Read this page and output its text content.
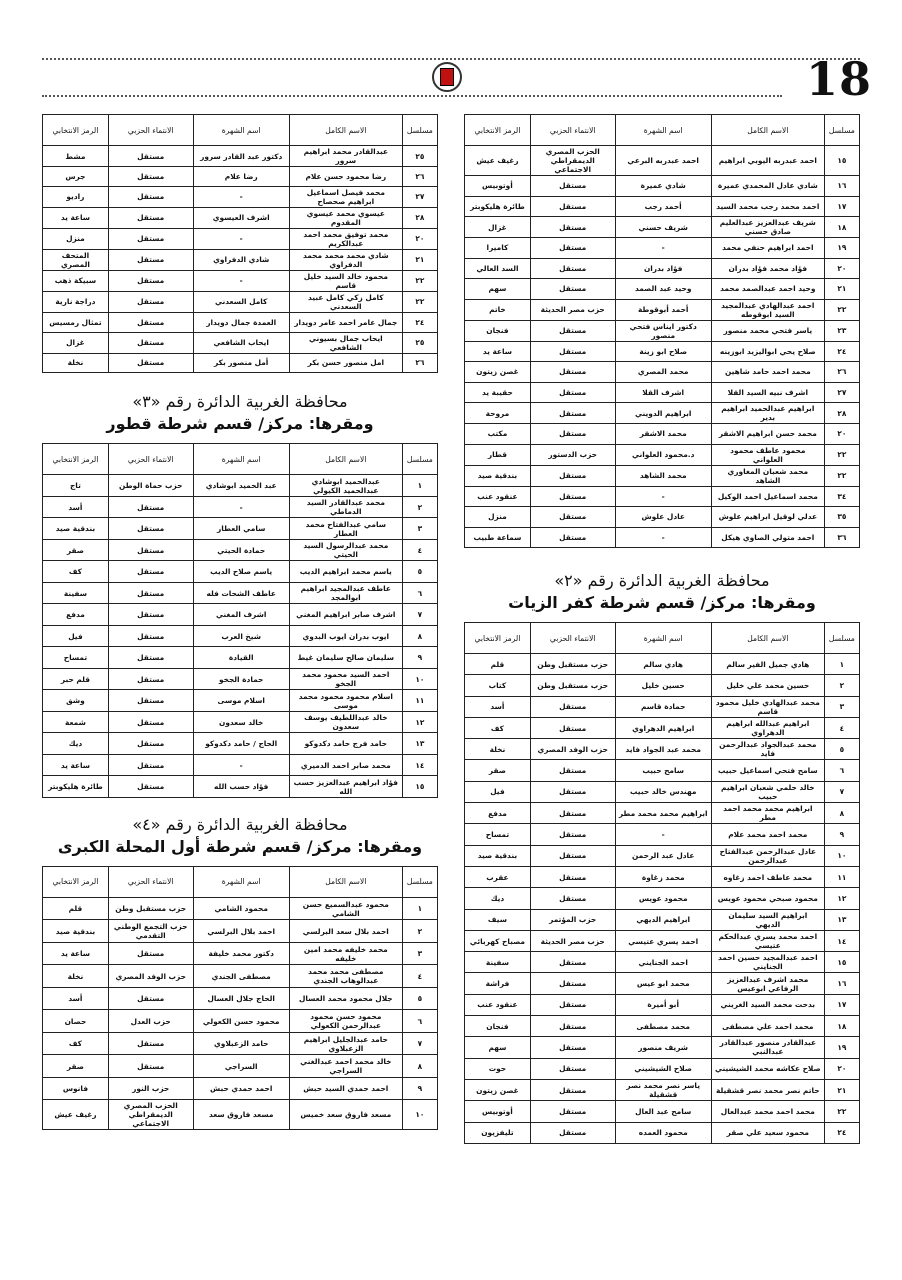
18
مسلسل	الاسم الكامل	اسم الشهرة	الانتماء الحزبي	الرمز الانتخابي
١٥	احمد عبدربه اليوبي ابراهيم	احمد عبدربه البرعي	الحزب المصري الديمقراطي الاجتماعي	رغيف عيش
١٦	شادي عادل المحمدي عميرة	شادي عميرة	مستقل	أوتوبيس
١٧	احمد محمد رجب محمد السيد	أحمد رجب	مستقل	طائرة هليكوبتر
١٨	شريف عبدالعزيز عبدالعليم صادق حسني	شريف حسني	مستقل	غزال
١٩	احمد ابراهيم حنفي محمد	-	مستقل	كاميرا
٢٠	فؤاد محمد فؤاد بدران	فؤاد بدران	مستقل	السد العالي
٢١	وحيد احمد عبدالصمد محمد	وحيد عبد الصمد	مستقل	سهم
٢٢	احمد عبدالهادي عبدالمجيد السيد ابوقوطه	أحمد أبوقوطة	حزب مصر الحديثة	خاتم
٢٣	ياسر فتحي محمد منصور	دكتور ايناس فتحي منصور	مستقل	فنجان
٢٤	صلاح يحي ابواليزيد ابوزينه	صلاح ابو زينة	مستقل	ساعة يد
٢٦	محمد احمد حامد شاهين	محمد المصري	مستقل	غصن زيتون
٢٧	اشرف نبيه السيد القلا	اشرف القلا	مستقل	حقيبة يد
٢٨	ابراهيم عبدالحميد ابراهيم بدير	ابراهيم الدويني	مستقل	مروحة
٢٠	محمد حسن ابراهيم الاشقر	محمد الاشقر	مستقل	مكتب
٢٢	محمود عاطف محمود العلواني	د.محمود العلواني	حزب الدستور	قطار
٢٢	محمد شعبان المغاوري الشاهد	محمد الشاهد	مستقل	بندقية صيد
٣٤	محمد اسماعيل احمد الوكيل	-	مستقل	عنقود عنب
٣٥	عدلي لوقيل ابراهيم علوش	عادل علوش	مستقل	منزل
٣٦	احمد متولي الصاوي هيكل	-	مستقل	سماعة طبيب
محافظة الغربية الدائرة رقم «٢»
ومقرها: مركز/ قسم شرطة كفر الزيات
مسلسل	الاسم الكامل	اسم الشهرة	الانتماء الحزبي	الرمز الانتخابي
١	هادي جميل الفير سالم	هادي سالم	حزب مستقبل وطن	قلم
٢	حسين محمد علي خليل	حسين خليل	حزب مستقبل وطن	كتاب
٣	محمد عبدالهادي خليل محمود قاسم	حمادة قاسم	مستقل	أسد
٤	ابراهيم عبدالله ابراهيم الدهراوي	ابراهيم الدهراوي	مستقل	كف
٥	محمد عبدالجواد عبدالرحمن فايد	محمد عبد الجواد فايد	حزب الوفد المصري	نخلة
٦	سامح فتحي اسماعيل حبيب	سامح حبيب	مستقل	صقر
٧	خالد حلمي شعبان ابراهيم حبيب	مهندس خالد حبيب	مستقل	فيل
٨	ابراهيم محمد محمد احمد مطر	ابراهيم محمد محمد مطر	مستقل	مدفع
٩	محمد احمد محمد علام	-	مستقل	تمساح
١٠	عادل عبدالرحمن عبدالفتاح عبدالرحمن	عادل عبد الرحمن	مستقل	بندقية صيد
١١	محمد عاطف احمد زغاوه	محمد زغاوة	مستقل	عقرب
١٢	محمود صبحي محمود عويس	محمود عويس	مستقل	ديك
١٣	ابراهيم السيد سليمان الديهي	ابراهيم الديهي	حزب المؤتمر	سيف
١٤	احمد محمد يسري عبدالحكم عتيسي	احمد يسري عتيسي	حزب مصر الحديثة	مصباح كهربائي
١٥	احمد عبدالمجيد حسين احمد الجنايني	احمد الجنايني	مستقل	سفينة
١٦	محمد اشرف عبدالعزيز الرفاعي ابوعيس	محمد ابو عيس	مستقل	فراشة
١٧	بدحت محمد السيد الغريني	أبو أميرة	مستقل	عنقود عنب
١٨	محمد احمد علي مصطفى	محمد مصطفى	مستقل	فنجان
١٩	عبدالقادر منصور عبدالقادر عبدالنبي	شريف منصور	مستقل	سهم
٢٠	صلاح عكاشه محمد الشيشيني	صلاح الشيشيني	مستقل	حوت
٢١	حاتم نصر محمد نصر قشقيلة	ياسر نصر محمد نصر قشقيلة	مستقل	غصن زيتون
٢٢	محمد احمد محمد عبدالعال	سامح عبد العال	مستقل	أوتوبيس
٢٤	محمود سعيد علي صقر	محمود العمده	مستقل	تليفزيون
مسلسل	الاسم الكامل	اسم الشهرة	الانتماء الحزبي	الرمز الانتخابي
٢٥	عبدالقادر محمد ابراهيم سرور	دكتور عبد القادر سرور	مستقل	مشط
٢٦	رضا محمود حسن علام	رضا علام	مستقل	جرس
٢٧	محمد فيصل اسماعيل ابراهيم صحصاح	-	مستقل	راديو
٢٨	عيسوي محمد عيسوي المقدوم	اشرف العيسوي	مستقل	ساعة يد
٢٠	محمد توفيق محمد احمد عبدالكريم	-	مستقل	منزل
٢١	شادي محمد محمد محمد الدفراوي	شادي الدفراوي	مستقل	المتحف المصري
٢٢	محمود خالد السيد خليل قاسم	-	مستقل	سبيكة ذهب
٢٢	كامل زكي كامل عبيد السعدني	كامل السعدني	مستقل	دراجة نارية
٢٤	جمال عامر احمد عامر دويدار	العمدة جمال دويدار	مستقل	تمثال رمسيس
٢٥	ايحاب جمال بسيوني الشافعي	ايحاب الشافعي	مستقل	غزال
٢٦	امل منصور حسن بكر	أمل منصور بكر	مستقل	نخلة
محافظة الغربية الدائرة رقم «٣»
ومقرها: مركز/ قسم شرطة قطور
مسلسل	الاسم الكامل	اسم الشهرة	الانتماء الحزبي	الرمز الانتخابي
١	عبدالحميد ابوشادي عبدالحميد الكيولي	عبد الحميد ابوشادي	حزب حماة الوطن	تاج
٢	محمد عبدالقادر السيد الدماطي	-	مستقل	أسد
٣	سامي عبدالفتاح محمد العطار	سامي العطار	مستقل	بندقية صيد
٤	محمد عبدالرسول السيد الحيتي	حمادة الحيتي	مستقل	صقر
٥	ياسم محمد ابراهيم الديب	ياسم صلاح الديب	مستقل	كف
٦	عاطف عبدالمجيد ابراهيم ابوالمجد	عاطف الشحات فله	مستقل	سفينة
٧	اشرف صابر ابراهيم المغني	اشرف المغني	مستقل	مدفع
٨	ايوب بدران ايوب البدوي	شيخ العرب	مستقل	فيل
٩	سليمان صالح سليمان غيط	القيادة	مستقل	تمساح
١٠	احمد السيد محمود محمد الجخو	حمادة الجخو	مستقل	قلم حبر
١١	اسلام محمود محمود محمد موسى	اسلام موسى	مستقل	وشق
١٢	خالد عبداللطيف يوسف سعدون	خالد سعدون	مستقل	شمعة
١٣	حامد فرج حامد دكدوكو	الحاج / حامد دكدوكو	مستقل	ديك
١٤	محمد صابر احمد الدميري	-	مستقل	ساعة يد
١٥	فؤاد ابراهيم عبدالعزيز حسب الله	فؤاد حسب الله	مستقل	طائرة هليكوبتر
محافظة الغربية الدائرة رقم «٤»
ومقرها: مركز/ قسم شرطة أول المحلة الكبرى
مسلسل	الاسم الكامل	اسم الشهرة	الانتماء الحزبي	الرمز الانتخابي
١	محمود عبدالسميع حسن الشامي	محمود الشامي	حزب مستقبل وطن	قلم
٢	احمد بلال سعد البرلسي	احمد بلال البرلسي	حزب التجمع الوطني التقدمي	بندقية صيد
٣	محمد خليفه محمد امين خليفه	دكتور محمد خليفة	مستقل	ساعة يد
٤	مصطفى محمد محمد عبدالوهاب الجندي	مصطفى الجندي	حزب الوفد المصري	نخلة
٥	جلال محمود محمد العسال	الحاج جلال العسال	مستقل	أسد
٦	محمود حسن محمود عبدالرحمن الكعولي	محمود حسن الكعولي	حزب العدل	حصان
٧	حامد عبدالجليل ابراهيم الزعبلاوي	حامد الزعبلاوي	مستقل	كف
٨	خالد محمد احمد عبدالغني السراجي	السراجي	مستقل	صقر
٩	احمد حمدي السيد حبش	احمد حمدي حبش	حزب النور	فانوس
١٠	مسعد فاروق سعد خميس	مسعد فاروق سعد	الحزب المصري الديمقراطي الاجتماعي	رغيف عيش
